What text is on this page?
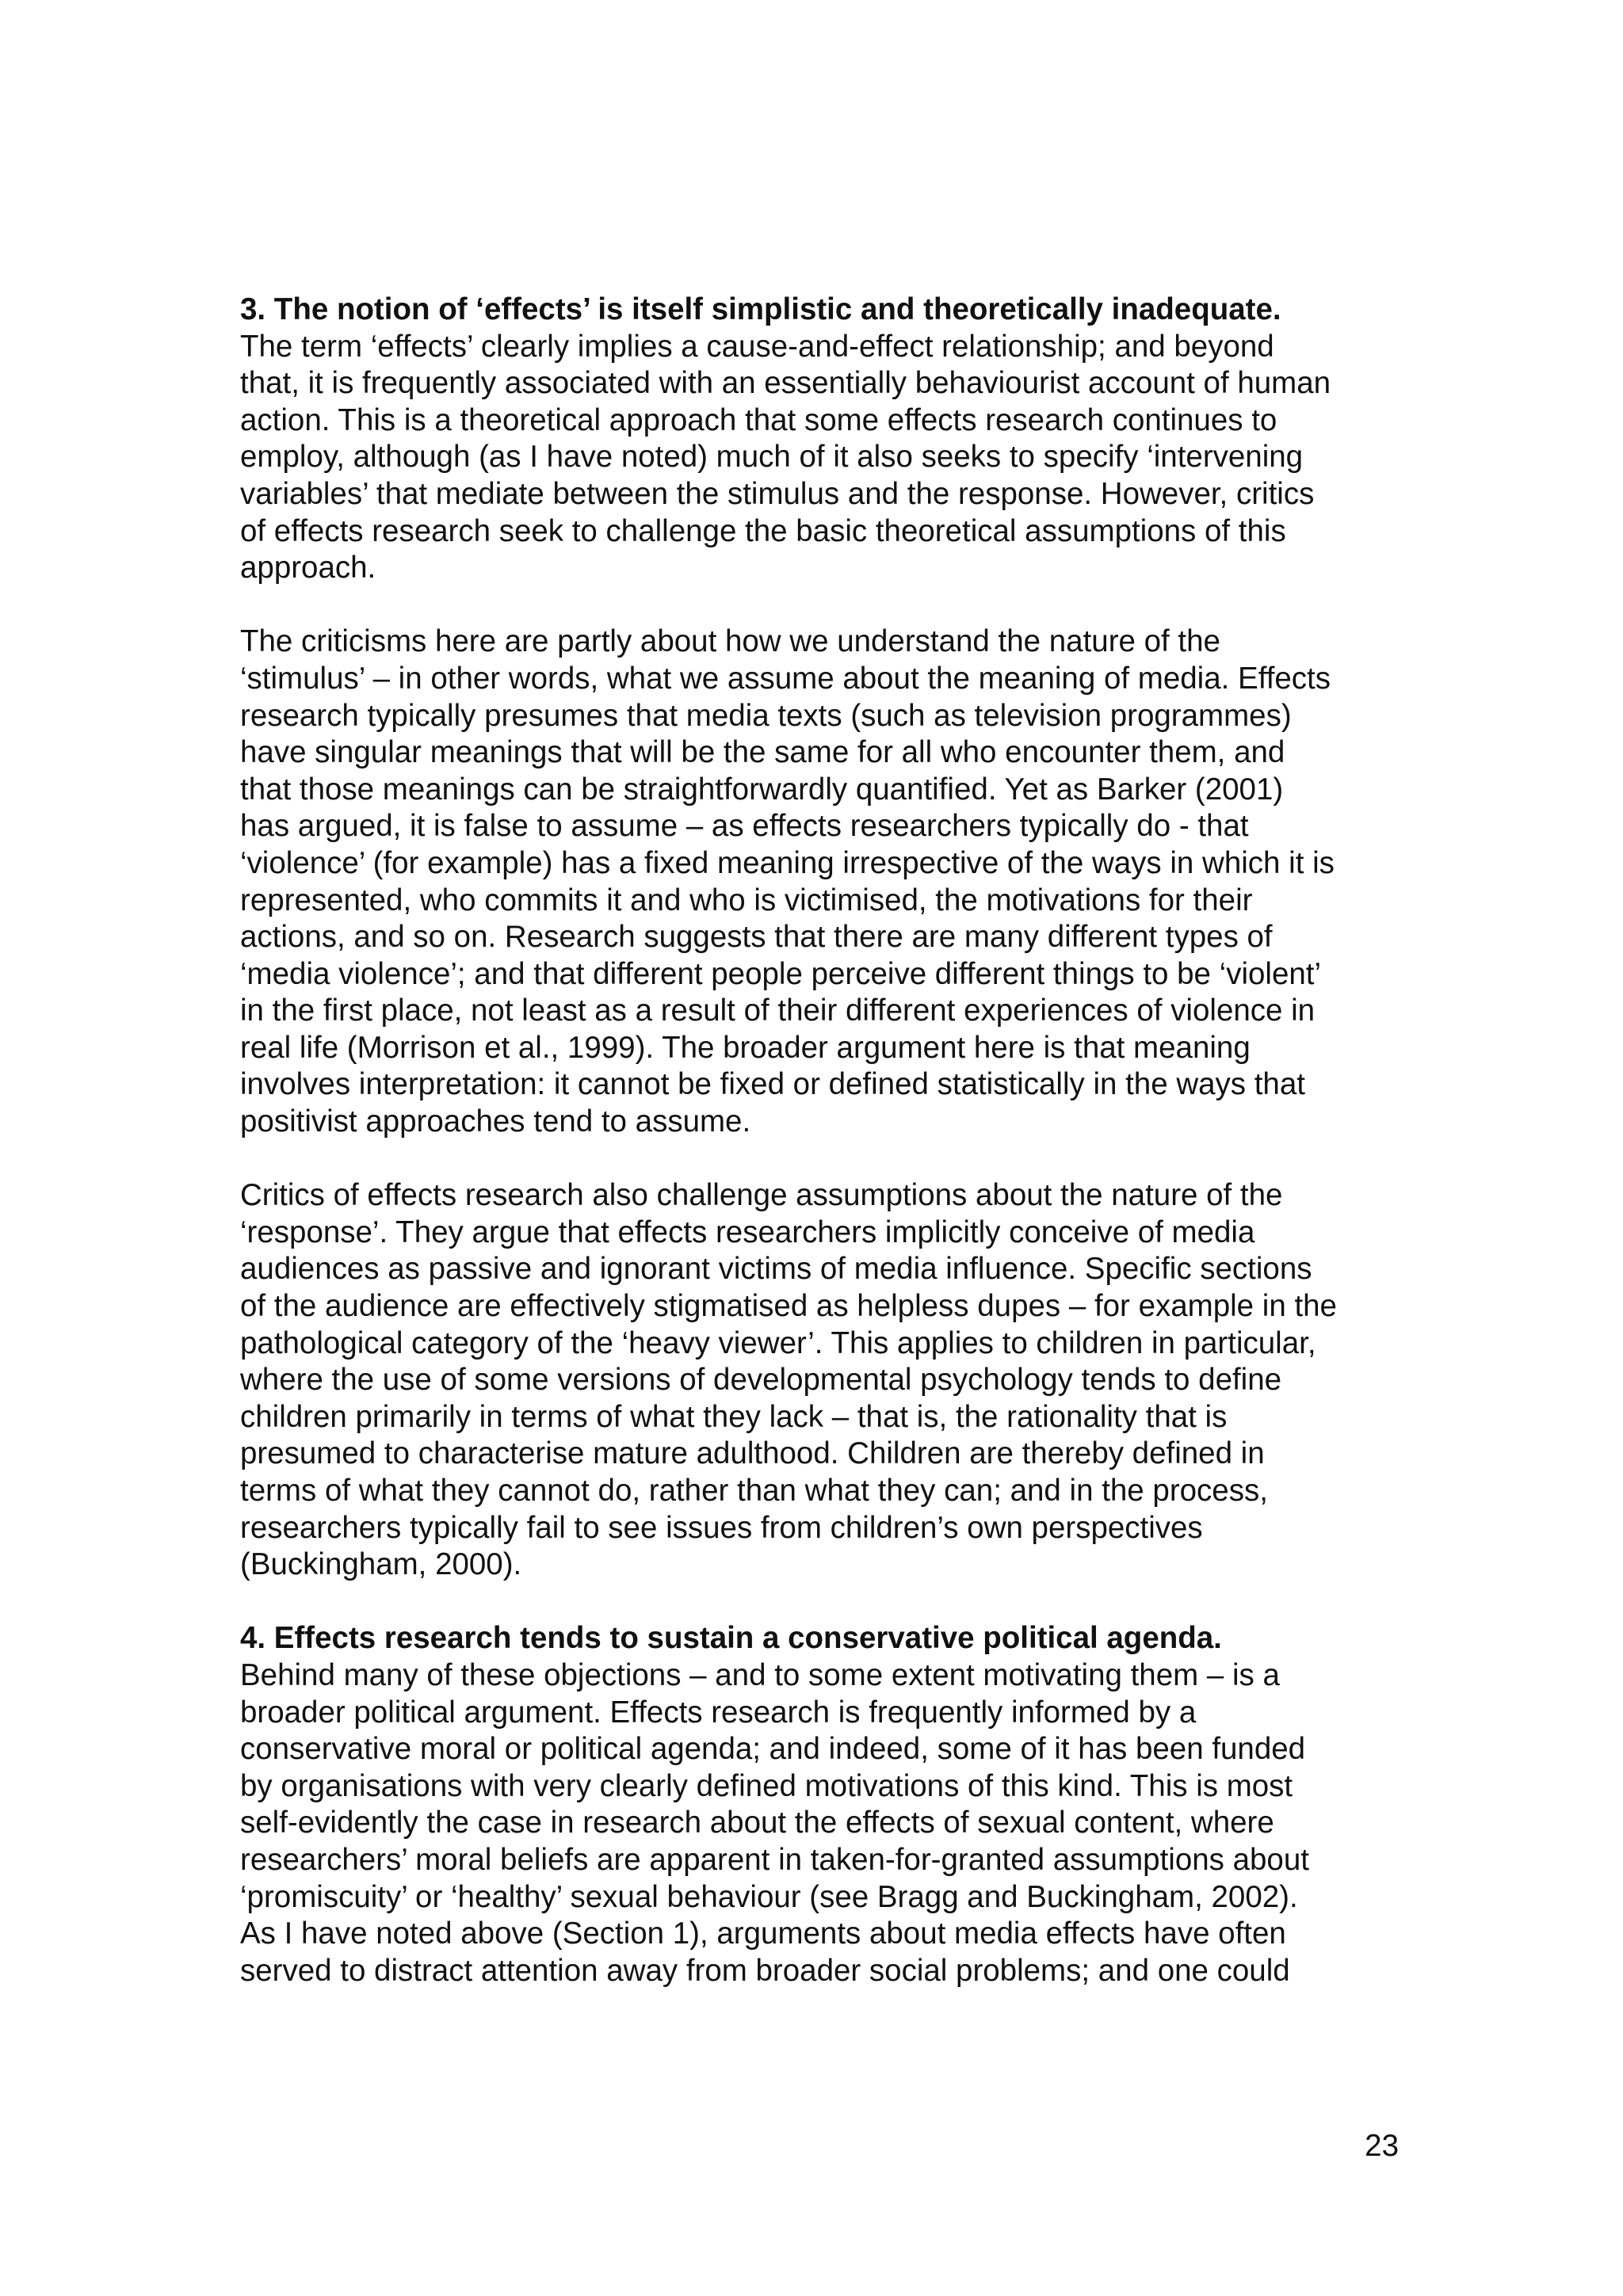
3. The notion of ‘effects’ is itself simplistic and theoretically inadequate.
The term ‘effects’ clearly implies a cause-and-effect relationship; and beyond
that, it is frequently associated with an essentially behaviourist account of human
action. This is a theoretical approach that some effects research continues to
employ, although (as I have noted) much of it also seeks to specify ‘intervening
variables’ that mediate between the stimulus and the response. However, critics
of effects research seek to challenge the basic theoretical assumptions of this
approach.
The criticisms here are partly about how we understand the nature of the
‘stimulus’ – in other words, what we assume about the meaning of media. Effects
research typically presumes that media texts (such as television programmes)
have singular meanings that will be the same for all who encounter them, and
that those meanings can be straightforwardly quantified. Yet as Barker (2001)
has argued, it is false to assume – as effects researchers typically do - that
‘violence’ (for example) has a fixed meaning irrespective of the ways in which it is
represented, who commits it and who is victimised, the motivations for their
actions, and so on. Research suggests that there are many different types of
‘media violence’; and that different people perceive different things to be ‘violent’
in the first place, not least as a result of their different experiences of violence in
real life (Morrison et al., 1999). The broader argument here is that meaning
involves interpretation: it cannot be fixed or defined statistically in the ways that
positivist approaches tend to assume.
Critics of effects research also challenge assumptions about the nature of the
‘response’. They argue that effects researchers implicitly conceive of media
audiences as passive and ignorant victims of media influence. Specific sections
of the audience are effectively stigmatised as helpless dupes – for example in the
pathological category of the ‘heavy viewer’. This applies to children in particular,
where the use of some versions of developmental psychology tends to define
children primarily in terms of what they lack – that is, the rationality that is
presumed to characterise mature adulthood. Children are thereby defined in
terms of what they cannot do, rather than what they can; and in the process,
researchers typically fail to see issues from children’s own perspectives
(Buckingham, 2000).
4. Effects research tends to sustain a conservative political agenda.
Behind many of these objections – and to some extent motivating them – is a
broader political argument. Effects research is frequently informed by a
conservative moral or political agenda; and indeed, some of it has been funded
by organisations with very clearly defined motivations of this kind. This is most
self-evidently the case in research about the effects of sexual content, where
researchers’ moral beliefs are apparent in taken-for-granted assumptions about
‘promiscuity’ or ‘healthy’ sexual behaviour (see Bragg and Buckingham, 2002).
As I have noted above (Section 1), arguments about media effects have often
served to distract attention away from broader social problems; and one could
23
